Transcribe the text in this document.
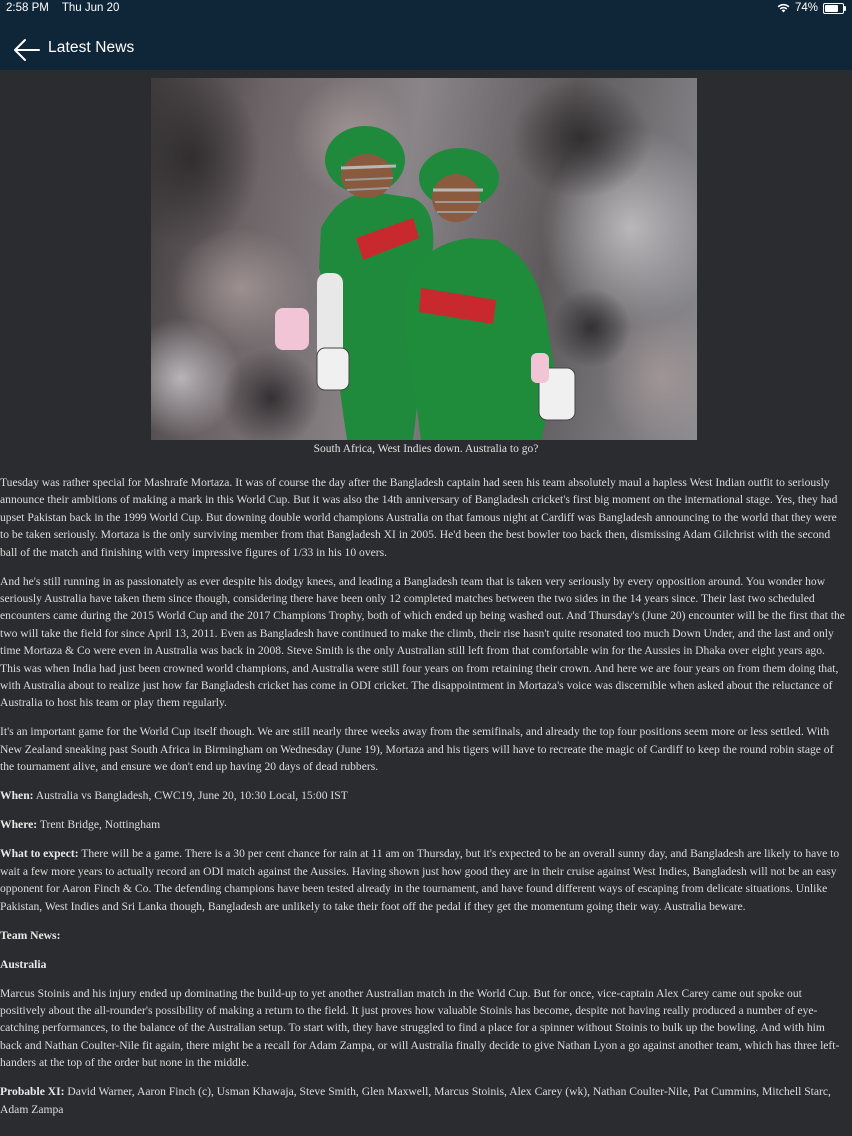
2:58 PM Thu Jun 20	74%
Latest News
South Africa, West Indies down. Australia to go?

Tuesday was rather special for Mashrafe Mortaza. It was of course the day after the Bangladesh captain had seen his team absolutely maul a hapless West Indian outfit to seriously announce their ambitions of making a mark in this World Cup. But it was also the 14th anniversary of Bangladesh cricket's first big moment on the international stage. Yes, they had upset Pakistan back in the 1999 World Cup. But downing double world champions Australia on that famous night at Cardiff was Bangladesh announcing to the world that they were to be taken seriously. Mortaza is the only surviving member from that Bangladesh XI in 2005. He'd been the best bowler too back then, dismissing Adam Gilchrist with the second ball of the match and finishing with very impressive figures of 1/33 in his 10 overs.

And he's still running in as passionately as ever despite his dodgy knees, and leading a Bangladesh team that is taken very seriously by every opposition around. You wonder how seriously Australia have taken them since though, considering there have been only 12 completed matches between the two sides in the 14 years since. Their last two scheduled encounters came during the 2015 World Cup and the 2017 Champions Trophy, both of which ended up being washed out. And Thursday's (June 20) encounter will be the first that the two will take the field for since April 13, 2011. Even as Bangladesh have continued to make the climb, their rise hasn't quite resonated too much Down Under, and the last and only time Mortaza & Co were even in Australia was back in 2008. Steve Smith is the only Australian still left from that comfortable win for the Aussies in Dhaka over eight years ago. This was when India had just been crowned world champions, and Australia were still four years on from retaining their crown. And here we are four years on from them doing that, with Australia about to realize just how far Bangladesh cricket has come in ODI cricket. The disappointment in Mortaza's voice was discernible when asked about the reluctance of Australia to host his team or play them regularly.

It's an important game for the World Cup itself though. We are still nearly three weeks away from the semifinals, and already the top four positions seem more or less settled. With New Zealand sneaking past South Africa in Birmingham on Wednesday (June 19), Mortaza and his tigers will have to recreate the magic of Cardiff to keep the round robin stage of the tournament alive, and ensure we don't end up having 20 days of dead rubbers.

When: Australia vs Bangladesh, CWC19, June 20, 10:30 Local, 15:00 IST

Where: Trent Bridge, Nottingham

What to expect: There will be a game. There is a 30 per cent chance for rain at 11 am on Thursday, but it's expected to be an overall sunny day, and Bangladesh are likely to have to wait a few more years to actually record an ODI match against the Aussies. Having shown just how good they are in their cruise against West Indies, Bangladesh will not be an easy opponent for Aaron Finch & Co. The defending champions have been tested already in the tournament, and have found different ways of escaping from delicate situations. Unlike Pakistan, West Indies and Sri Lanka though, Bangladesh are unlikely to take their foot off the pedal if they get the momentum going their way. Australia beware.

Team News:

Australia

Marcus Stoinis and his injury ended up dominating the build-up to yet another Australian match in the World Cup. But for once, vice-captain Alex Carey came out spoke out positively about the all-rounder's possibility of making a return to the field. It just proves how valuable Stoinis has become, despite not having really produced a number of eye-catching performances, to the balance of the Australian setup. To start with, they have struggled to find a place for a spinner without Stoinis to bulk up the bowling. And with him back and Nathan Coulter-Nile fit again, there might be a recall for Adam Zampa, or will Australia finally decide to give Nathan Lyon a go against another team, which has three left-handers at the top of the order but none in the middle.

Probable XI: David Warner, Aaron Finch (c), Usman Khawaja, Steve Smith, Glen Maxwell, Marcus Stoinis, Alex Carey (wk), Nathan Coulter-Nile, Pat Cummins, Mitchell Starc, Adam Zampa
